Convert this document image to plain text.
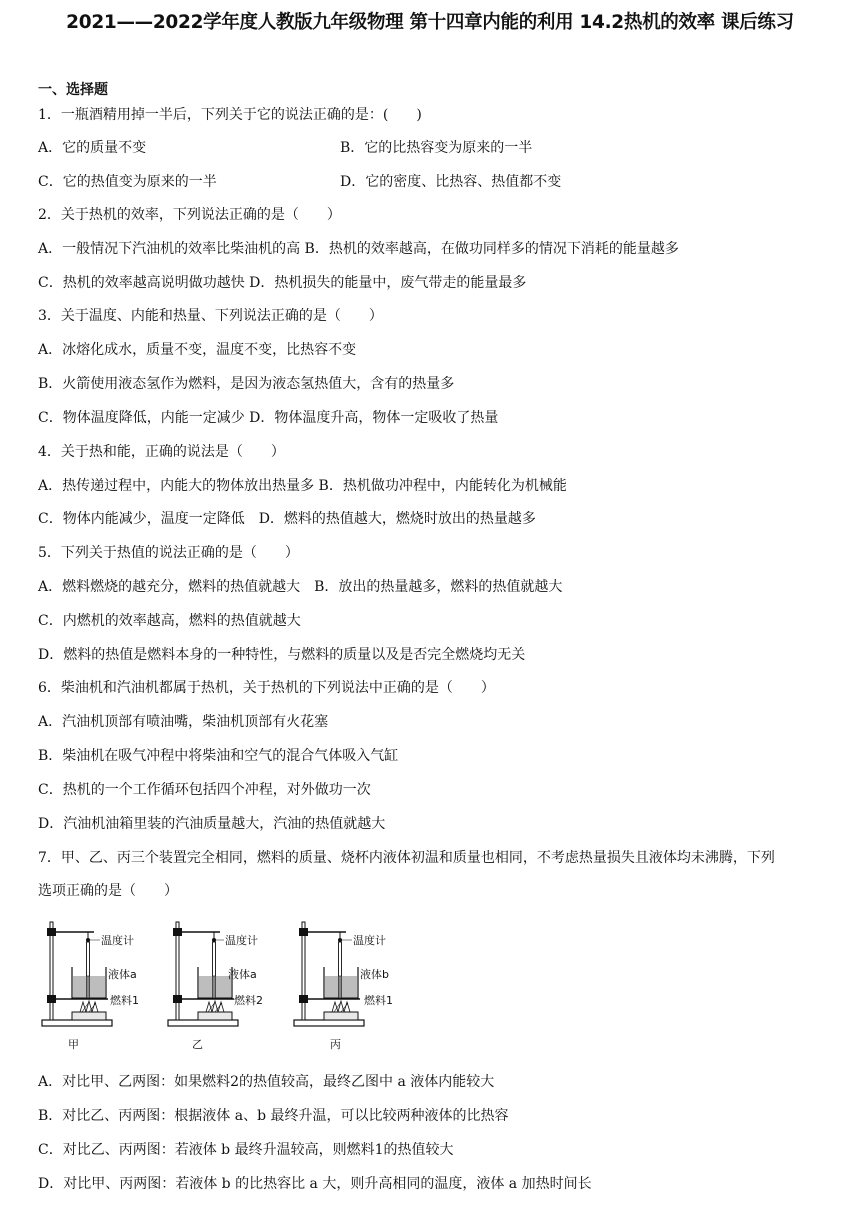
2021——2022学年度人教版九年级物理 第十四章内能的利用 14.2热机的效率 课后练习
一、选择题
1．一瓶酒精用掉一半后，下列关于它的说法正确的是：(　　)
A．它的质量不变	B．它的比热容变为原来的一半
C．它的热值变为原来的一半	D．它的密度、比热容、热值都不变
2．关于热机的效率，下列说法正确的是（　　）
A．一般情况下汽油机的效率比柴油机的高 B．热机的效率越高，在做功同样多的情况下消耗的能量越多
C．热机的效率越高说明做功越快 D．热机损失的能量中，废气带走的能量最多
3．关于温度、内能和热量、下列说法正确的是（　　）
A．冰熔化成水，质量不变，温度不变，比热容不变
B．火箭使用液态氢作为燃料，是因为液态氢热值大，含有的热量多
C．物体温度降低，内能一定减少 D．物体温度升高，物体一定吸收了热量
4．关于热和能，正确的说法是（　　）
A．热传递过程中，内能大的物体放出热量多 B．热机做功冲程中，内能转化为机械能
C．物体内能减少，温度一定降低　D．燃料的热值越大，燃烧时放出的热量越多
5．下列关于热值的说法正确的是（　　）
A．燃料燃烧的越充分，燃料的热值就越大　B．放出的热量越多，燃料的热值就越大
C．内燃机的效率越高，燃料的热值就越大
D．燃料的热值是燃料本身的一种特性，与燃料的质量以及是否完全燃烧均无关
6．柴油机和汽油机都属于热机，关于热机的下列说法中正确的是（　　）
A．汽油机顶部有喷油嘴，柴油机顶部有火花塞
B．柴油机在吸气冲程中将柴油和空气的混合气体吸入气缸
C．热机的一个工作循环包括四个冲程，对外做功一次
D．汽油机油箱里装的汽油质量越大，汽油的热值就越大
7．甲、乙、丙三个装置完全相同，燃料的质量、烧杯内液体初温和质量也相同，不考虑热量损失且液体均未沸腾，下列
选项正确的是（　　）
温度计
液体a
燃料1
甲
温度计
液体a
燃料2
乙
温度计
液体b
燃料1
丙
A．对比甲、乙两图：如果燃料2的热值较高，最终乙图中 a 液体内能较大
B．对比乙、丙两图：根据液体 a、b 最终升温，可以比较两种液体的比热容
C．对比乙、丙两图：若液体 b 最终升温较高，则燃料1的热值较大
D．对比甲、丙两图：若液体 b 的比热容比 a 大，则升高相同的温度，液体 a 加热时间长
